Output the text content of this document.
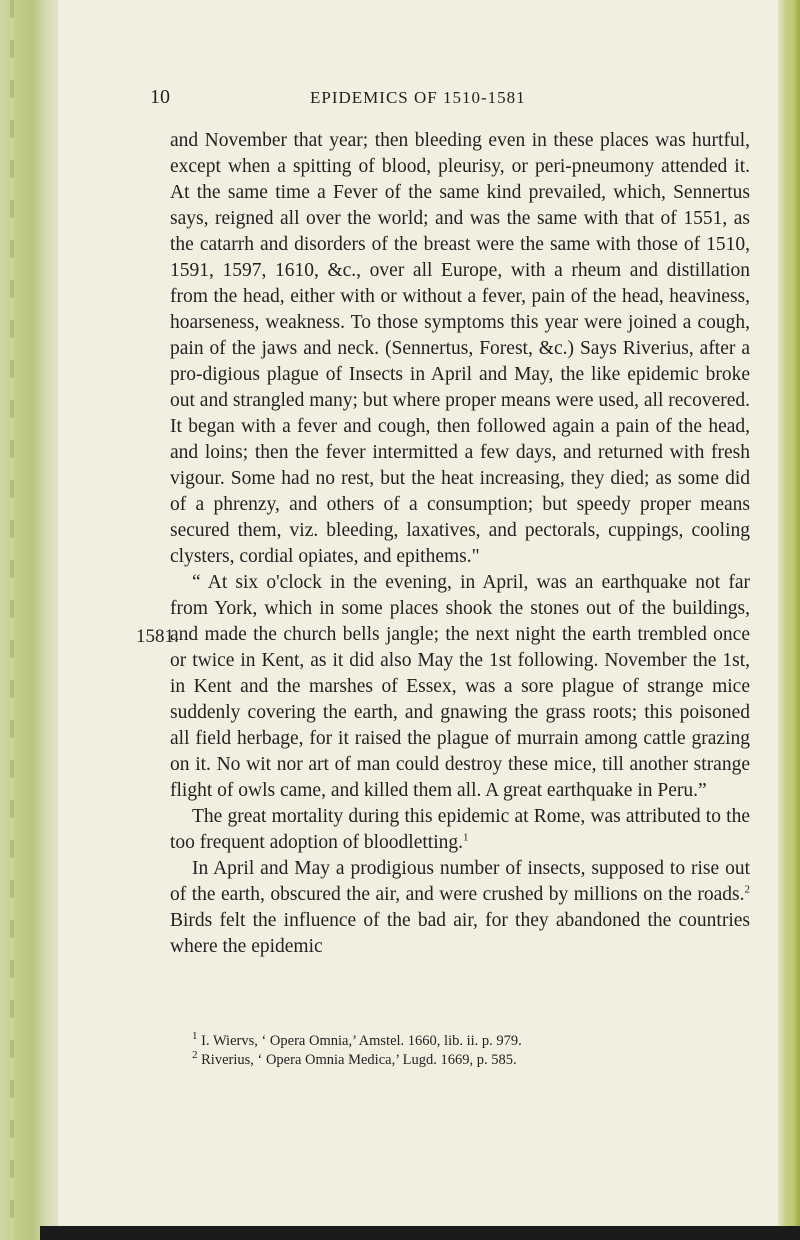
10	EPIDEMICS OF 1510-1581
1581.

and November that year; then bleeding even in these places was hurtful, except when a spitting of blood, pleurisy, or peri-pneumony attended it. At the same time a Fever of the same kind prevailed, which, Sennertus says, reigned all over the world; and was the same with that of 1551, as the catarrh and disorders of the breast were the same with those of 1510, 1591, 1597, 1610, &c., over all Europe, with a rheum and distillation from the head, either with or without a fever, pain of the head, heaviness, hoarseness, weakness. To those symptoms this year were joined a cough, pain of the jaws and neck. (Sennertus, Forest, &c.) Says Riverius, after a pro-digious plague of Insects in April and May, the like epidemic broke out and strangled many; but where proper means were used, all recovered. It began with a fever and cough, then followed again a pain of the head, and loins; then the fever intermitted a few days, and returned with fresh vigour. Some had no rest, but the heat increasing, they died; as some did of a phrenzy, and others of a consumption; but speedy proper means secured them, viz. bleeding, laxatives, and pectorals, cuppings, cooling clysters, cordial opiates, and epithems."

“ At six o'clock in the evening, in April, was an earthquake not far from York, which in some places shook the stones out of the buildings, and made the church bells jangle; the next night the earth trembled once or twice in Kent, as it did also May the 1st following. November the 1st, in Kent and the marshes of Essex, was a sore plague of strange mice suddenly covering the earth, and gnawing the grass roots; this poisoned all field herbage, for it raised the plague of murrain among cattle grazing on it. No wit nor art of man could destroy these mice, till another strange flight of owls came, and killed them all. A great earthquake in Peru.”

The great mortality during this epidemic at Rome, was attributed to the too frequent adoption of bloodletting.$^1$

In April and May a prodigious number of insects, supposed to rise out of the earth, obscured the air, and were crushed by millions on the roads.$^2$ Birds felt the influence of the bad air, for they abandoned the countries where the epidemic

$^1$ I. Wiervs, ‘ Opera Omnia,’ Amstel. 1660, lib. ii. p. 979.

$^2$ Riverius, ‘ Opera Omnia Medica,’ Lugd. 1669, p. 585.
